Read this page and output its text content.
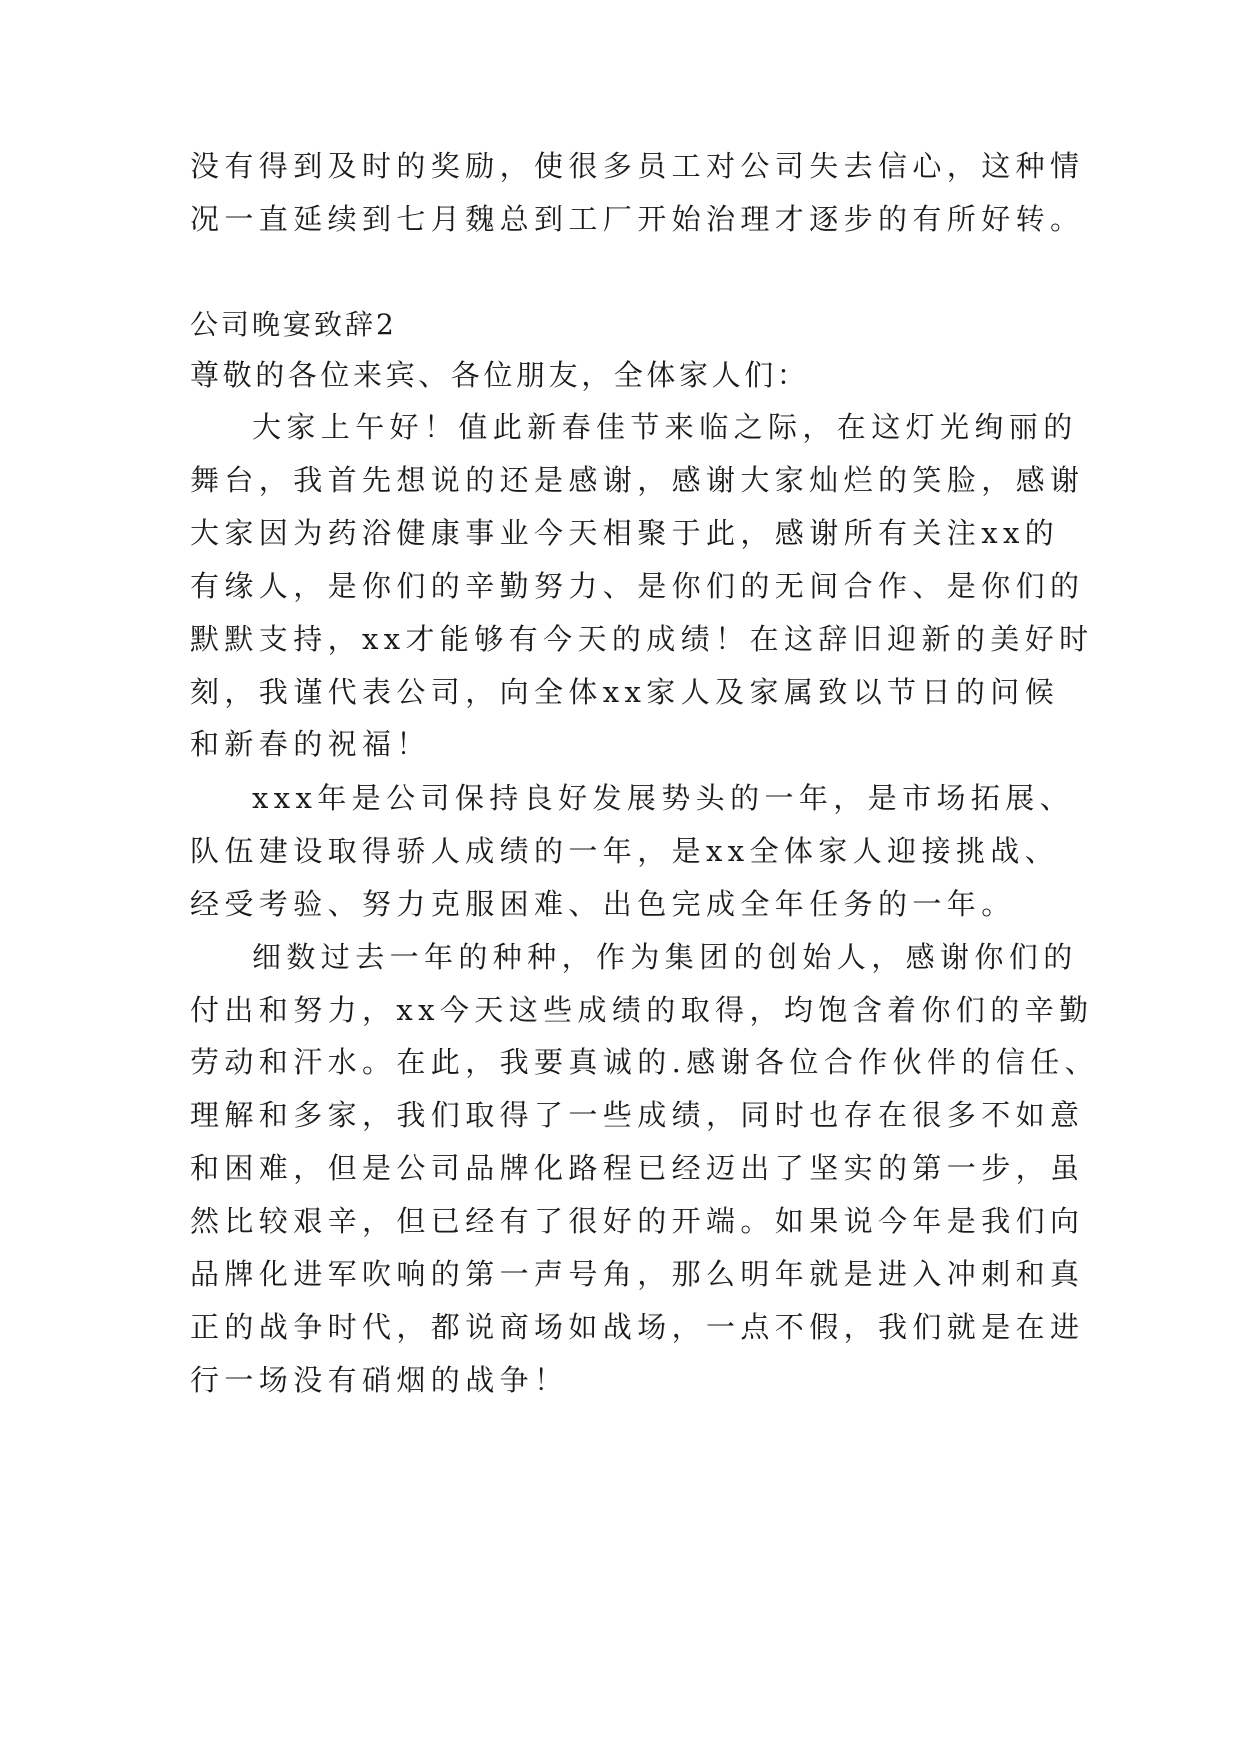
没有得到及时的奖励，使很多员工对公司失去信心，这种情
况一直延续到七月魏总到工厂开始治理才逐步的有所好转。
公司晚宴致辞2
尊敬的各位来宾、各位朋友，全体家人们：
大家上午好！值此新春佳节来临之际，在这灯光绚丽的
舞台，我首先想说的还是感谢，感谢大家灿烂的笑脸，感谢
大家因为药浴健康事业今天相聚于此，感谢所有关注xx的
有缘人，是你们的辛勤努力、是你们的无间合作、是你们的
默默支持，xx才能够有今天的成绩！在这辞旧迎新的美好时
刻，我谨代表公司，向全体xx家人及家属致以节日的问候
和新春的祝福！
xxx年是公司保持良好发展势头的一年，是市场拓展、
队伍建设取得骄人成绩的一年，是xx全体家人迎接挑战、
经受考验、努力克服困难、出色完成全年任务的一年。
细数过去一年的种种，作为集团的创始人，感谢你们的
付出和努力，xx今天这些成绩的取得，均饱含着你们的辛勤
劳动和汗水。在此，我要真诚的.感谢各位合作伙伴的信任、
理解和多家，我们取得了一些成绩，同时也存在很多不如意
和困难，但是公司品牌化路程已经迈出了坚实的第一步，虽
然比较艰辛，但已经有了很好的开端。如果说今年是我们向
品牌化进军吹响的第一声号角，那么明年就是进入冲刺和真
正的战争时代，都说商场如战场，一点不假，我们就是在进
行一场没有硝烟的战争！
